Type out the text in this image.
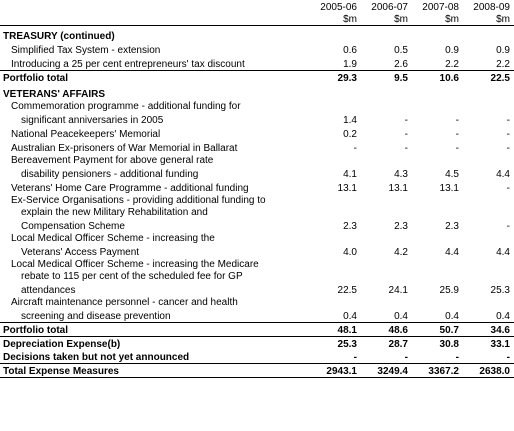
	2005-06	2006-07	2007-08	2008-09
	$m	$m	$m	$m
TREASURY (continued)				
Simplified Tax System - extension	0.6	0.5	0.9	0.9
Introducing a 25 per cent entrepreneurs' tax discount	1.9	2.6	2.2	2.2
Portfolio total	29.3	9.5	10.6	22.5
VETERANS' AFFAIRS				
Commemoration programme - additional funding for				
significant anniversaries in 2005	1.4	-	-	-
National Peacekeepers' Memorial	0.2	-	-	-
Australian Ex-prisoners of War Memorial in Ballarat	-	-	-	-
Bereavement Payment for above general rate				
disability pensioners - additional funding	4.1	4.3	4.5	4.4
Veterans' Home Care Programme - additional funding	13.1	13.1	13.1	-
Ex-Service Organisations - providing additional funding to				
explain the new Military Rehabilitation and				
Compensation Scheme	2.3	2.3	2.3	-
Local Medical Officer Scheme - increasing the				
Veterans' Access Payment	4.0	4.2	4.4	4.4
Local Medical Officer Scheme - increasing the Medicare				
rebate to 115 per cent of the scheduled fee for GP				
attendances	22.5	24.1	25.9	25.3
Aircraft maintenance personnel - cancer and health				
screening and disease prevention	0.4	0.4	0.4	0.4
Portfolio total	48.1	48.6	50.7	34.6
Depreciation Expense(b)	25.3	28.7	30.8	33.1
Decisions taken but not yet announced	-	-	-	-
Total Expense Measures	2943.1	3249.4	3367.2	2638.0
